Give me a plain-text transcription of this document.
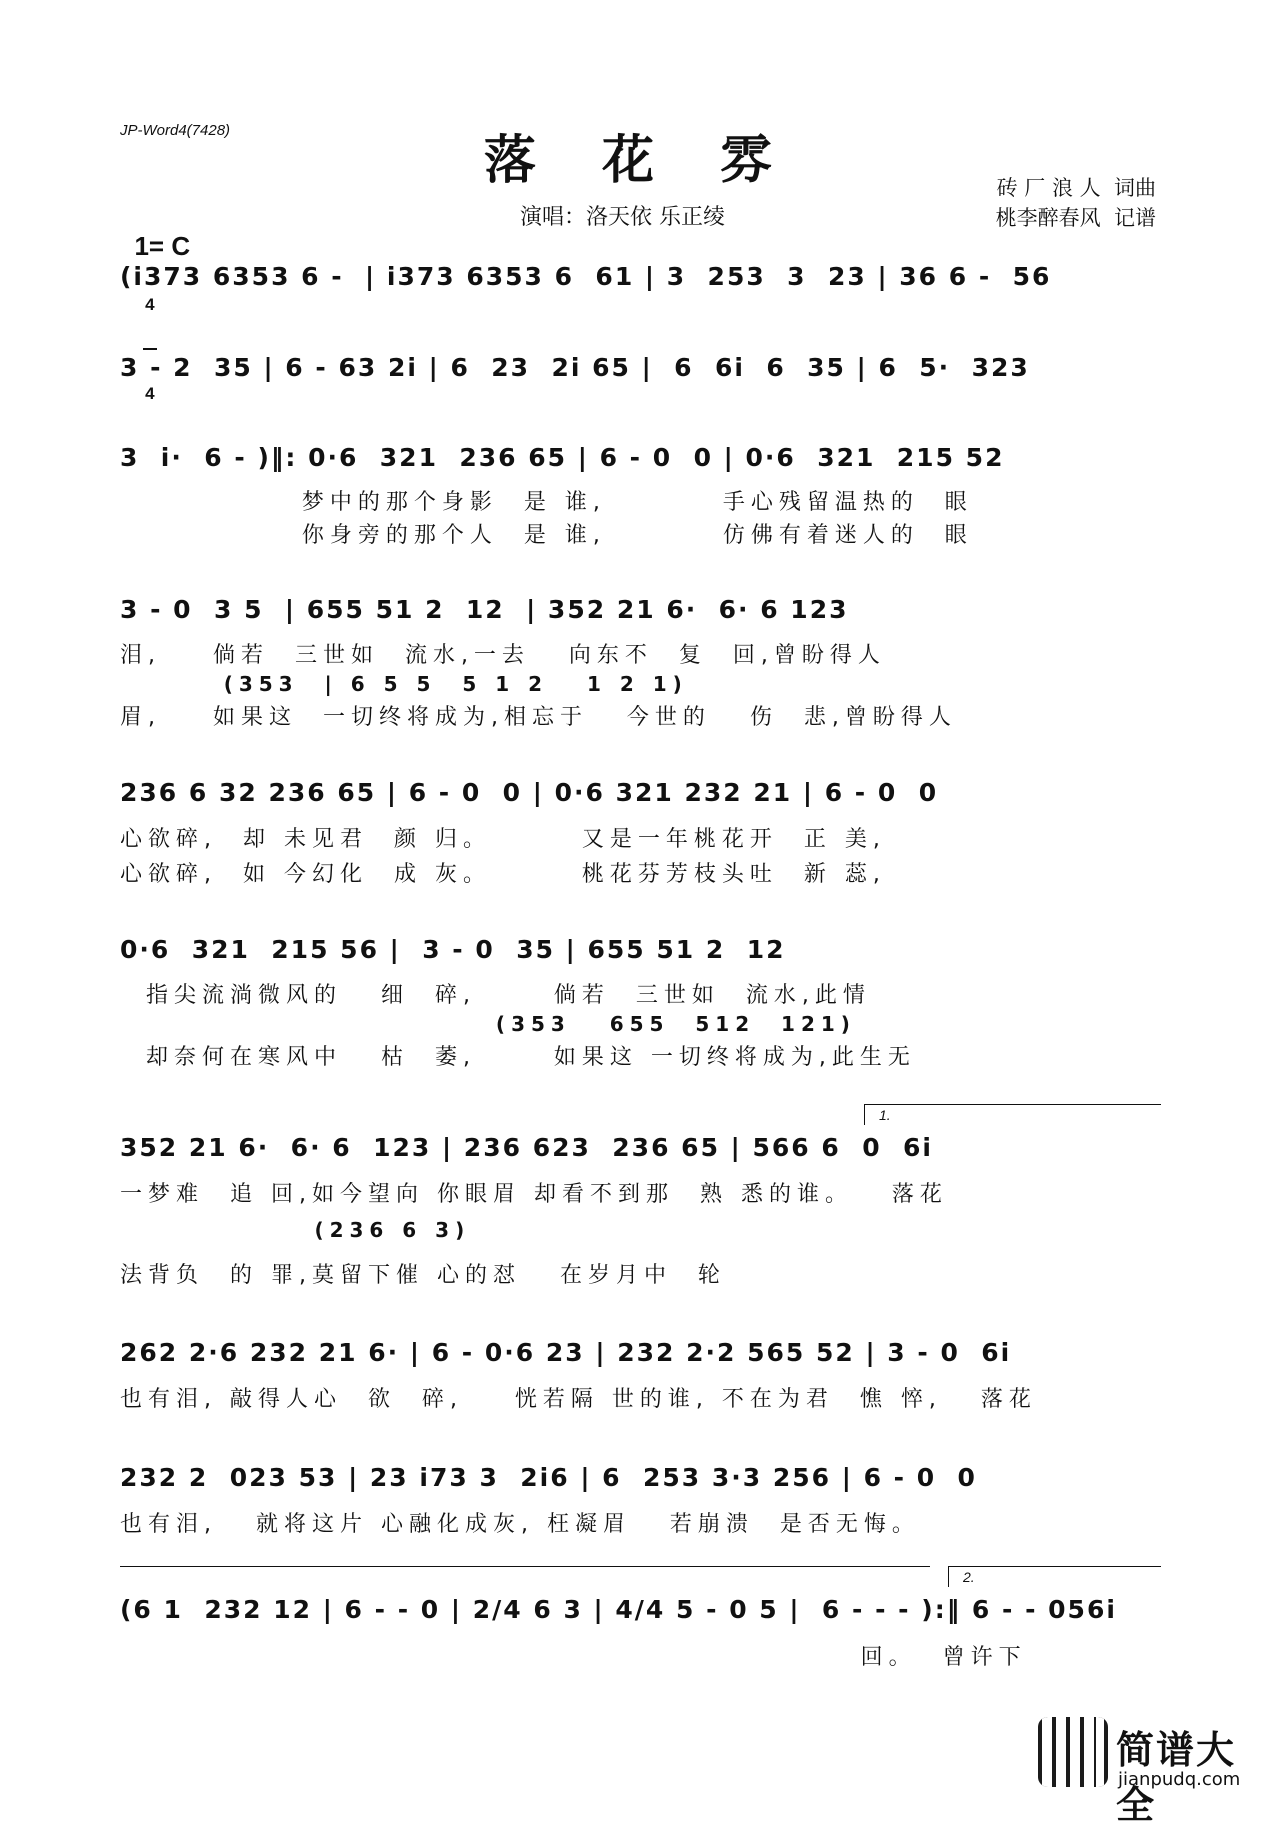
JP-Word4(7428)	落 花 雰	砖 厂 浪 人  词曲
桃李醉春风  记谱
演唱：洛天依 乐正绫

1= C

$\frac{4}{4}$

(i373 6353 6 -  | i373 6353 6  61 | 3  253  3  23 | 36 6 -  56
3 - 2  35 | 6 - 63 2i | 6  23  2i 65 |  6  6i  6  35 | 6  5·  323
3  i·  6 - )‖: 0·6  321  236 65 | 6 - 0  0 | 0·6  321  215 52
梦中的那个身影  是 谁,         手心残留温热的  眼
你身旁的那个人  是 谁,         仿佛有着迷人的  眼
3 - 0  3 5  | 655 51 2  12  | 352 21 6·  6· 6 123
泪,    倘若  三世如  流水,一去   向东不  复  回,曾盼得人
(353  | 6 5 5  5 1 2   1 2 1)
眉,    如果这  一切终将成为,相忘于   今世的   伤  悲,曾盼得人
236 6 32 236 65 | 6 - 0  0 | 0·6 321 232 21 | 6 - 0  0
心欲碎,  却 未见君  颜 归。       又是一年桃花开  正 美,
心欲碎,  如 今幻化  成 灰。       桃花芬芳枝头吐  新 蕊,
0·6  321  215 56 |  3 - 0  35 | 655 51 2  12
指尖流淌微风的   细  碎,      倘若  三世如  流水,此情
(353   655  512  121)
却奈何在寒风中   枯  萎,      如果这 一切终将成为,此生无
1.
352 21 6·  6· 6  123 | 236 623  236 65 | 566 6  0  6i
一梦难  追 回,如今望向 你眼眉 却看不到那  熟 悉的谁。   落花
(236 6 3)
法背负  的 罪,莫留下催 心的怼   在岁月中  轮
262 2·6 232 21 6· | 6 - 0·6 23 | 232 2·2 565 52 | 3 - 0  6i
也有泪, 敲得人心  欲  碎,    恍若隔 世的谁, 不在为君  憔 悴,   落花
232 2  023 53 | 23 i73 3  2i6 | 6  253 3·3 256 | 6 - 0  0
也有泪,   就将这片 心融化成灰, 枉凝眉   若崩溃  是否无悔。
2.
(6 1  232 12 | 6 - - 0 | 2/4 6 3 | 4/4 5 - 0 5 |  6 - - - ):‖ 6 - - 056i
回。  曾许下
简谱大全
jianpudq.com
